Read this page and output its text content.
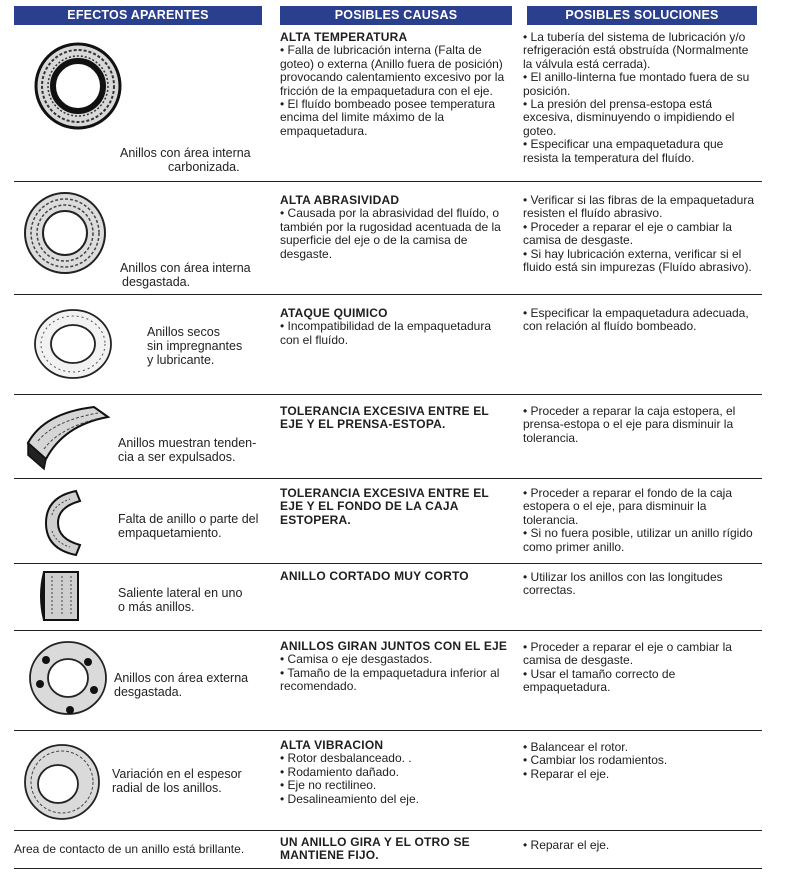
EFECTOS APARENTES	POSIBLES CAUSAS	POSIBLES SOLUCIONES
Anillos con área interna
carbonizada.
ALTA TEMPERATURA
• Falla de lubricación interna (Falta de goteo) o externa (Anillo fuera de posición) provocando calentamiento excesivo por la fricción de la empaquetadura con el eje.
• El fluído bombeado posee temperatura encima del limite máximo de la empaquetadura.
• La tubería del sistema de lubricación y/o refrigeración está obstruída (Normalmente la válvula está cerrada).
• El anillo-linterna fue montado fuera de su posición.
• La presión del prensa-estopa está excesiva, disminuyendo o impidiendo el goteo.
• Especificar una empaquetadura que resista la temperatura del fluído.
Anillos con área interna
desgastada.
ALTA ABRASIVIDAD
• Causada por la abrasividad del fluído, o también por la rugosidad acentuada de la superficie del eje o de la camisa de desgaste.
• Verificar si las fibras de la empaquetadura resisten el fluído abrasivo.
• Proceder a reparar el eje o cambiar la camisa de desgaste.
• Si hay lubricación externa, verificar si el fluido está sin impurezas (Fluído abrasivo).
Anillos secos
sin impregnantes
y lubricante.
ATAQUE QUIMICO
• Incompatibilidad de la empaquetadura con el fluído.
• Especificar la empaquetadura adecuada, con relación al fluído bombeado.
Anillos muestran tenden-
cia a ser expulsados.
TOLERANCIA EXCESIVA ENTRE EL EJE Y EL PRENSA-ESTOPA.
• Proceder a reparar la caja estopera, el prensa-estopa o el eje para disminuir la tolerancia.
Falta de anillo o parte del
empaquetamiento.
TOLERANCIA EXCESIVA ENTRE EL EJE Y EL FONDO DE LA CAJA ESTOPERA.
• Proceder a reparar el fondo de la caja estopera o el eje, para disminuir la tolerancia.
• Si no fuera posible, utilizar un anillo rígido como primer anillo.
Saliente lateral en uno
o más anillos.
ANILLO CORTADO MUY CORTO
•	Utilizar los anillos con las longitudes correctas.
Anillos con área externa
desgastada.
ANILLOS GIRAN JUNTOS CON EL EJE
• Camisa o eje desgastados.
• Tamaño de la empaquetadura inferior al recomendado.
• Proceder a reparar el eje o cambiar la camisa de desgaste.
• Usar el tamaño correcto de empaquetadura.
Variación en el espesor
radial de los anillos.
ALTA VIBRACION
• Rotor desbalanceado. .
• Rodamiento dañado.
• Eje no rectilineo.
• Desalineamiento del eje.
• Balancear el rotor.
• Cambiar los rodamientos.
• Reparar el eje.
Area de contacto de un anillo está brillante.	UN ANILLO GIRA Y EL OTRO SE MANTIENE FIJO.
• Reparar el eje.
